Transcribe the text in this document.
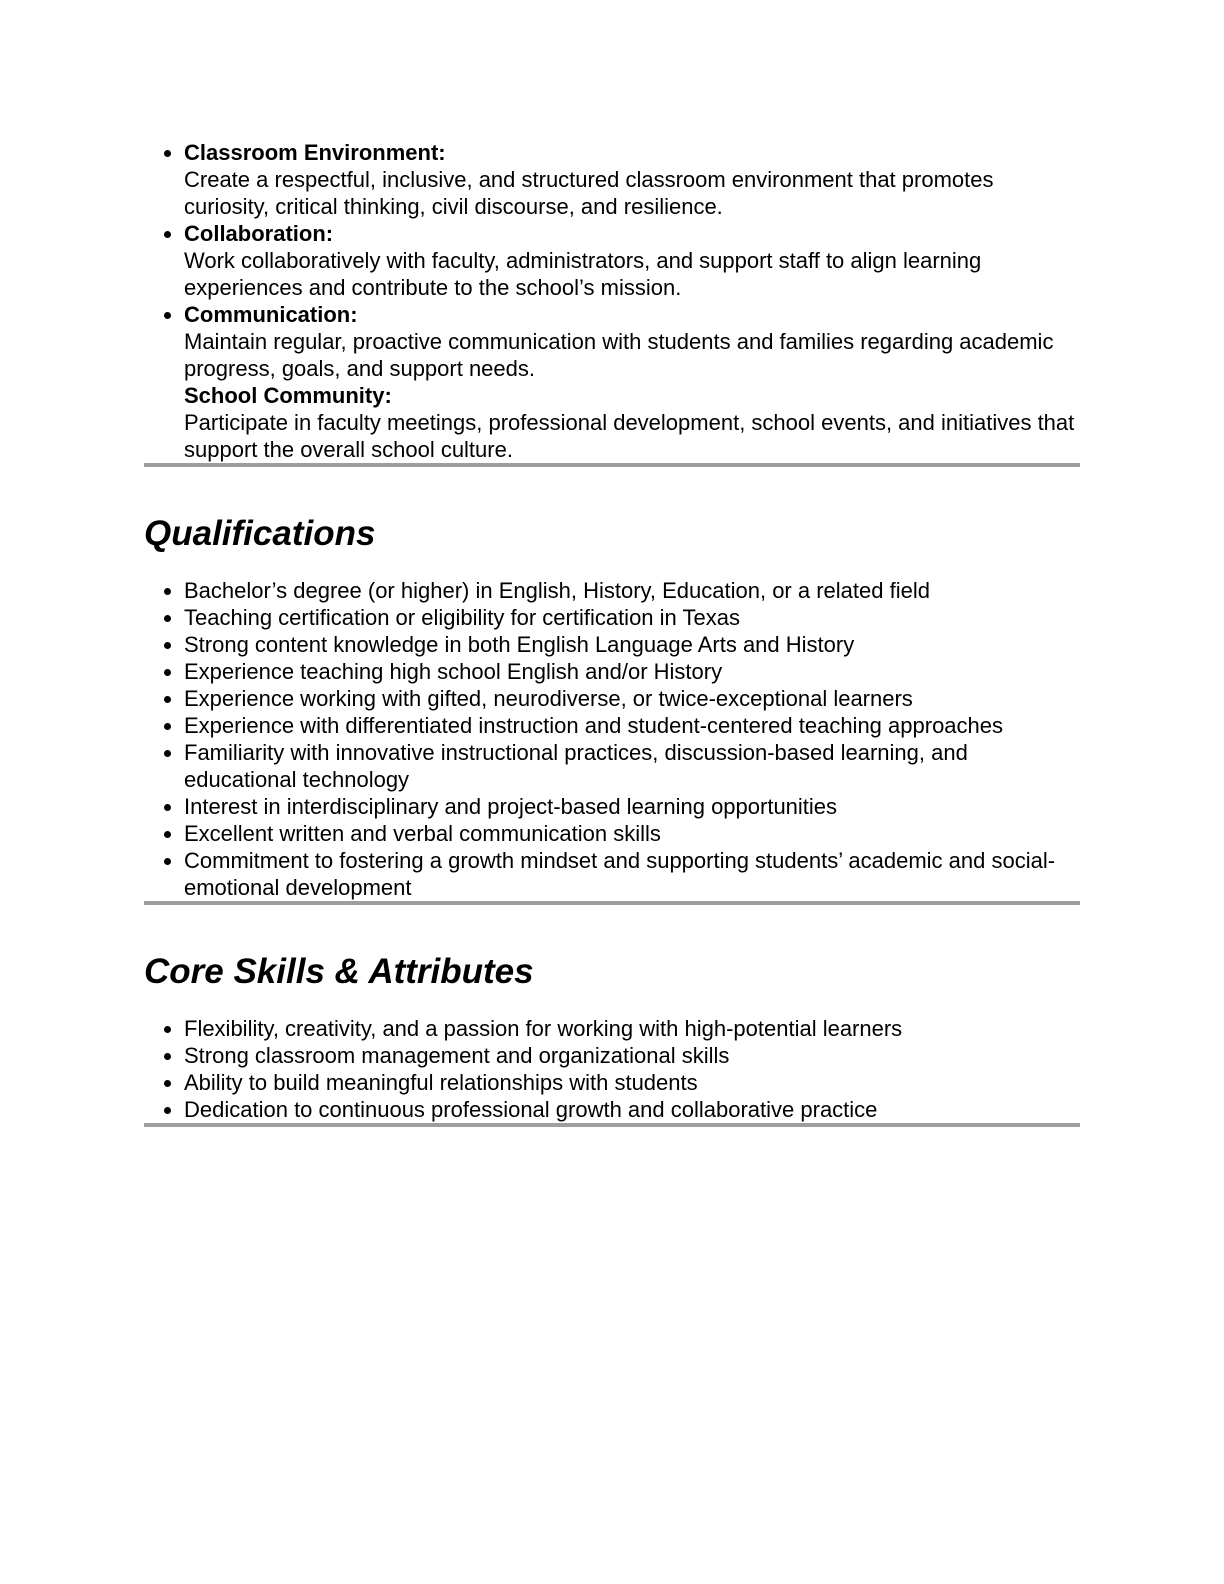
• Classroom Environment:
Create a respectful, inclusive, and structured classroom environment that promotes curiosity, critical thinking, civil discourse, and resilience.
• Collaboration:
Work collaboratively with faculty, administrators, and support staff to align learning experiences and contribute to the school’s mission.
• Communication:
Maintain regular, proactive communication with students and families regarding academic progress, goals, and support needs.
School Community:
Participate in faculty meetings, professional development, school events, and initiatives that support the overall school culture.
Qualifications
• Bachelor’s degree (or higher) in English, History, Education, or a related field
• Teaching certification or eligibility for certification in Texas
• Strong content knowledge in both English Language Arts and History
• Experience teaching high school English and/or History
• Experience working with gifted, neurodiverse, or twice-exceptional learners
• Experience with differentiated instruction and student-centered teaching approaches
• Familiarity with innovative instructional practices, discussion-based learning, and educational technology
• Interest in interdisciplinary and project-based learning opportunities
• Excellent written and verbal communication skills
• Commitment to fostering a growth mindset and supporting students’ academic and social-emotional development
Core Skills & Attributes
• Flexibility, creativity, and a passion for working with high-potential learners
• Strong classroom management and organizational skills
• Ability to build meaningful relationships with students
• Dedication to continuous professional growth and collaborative practice
